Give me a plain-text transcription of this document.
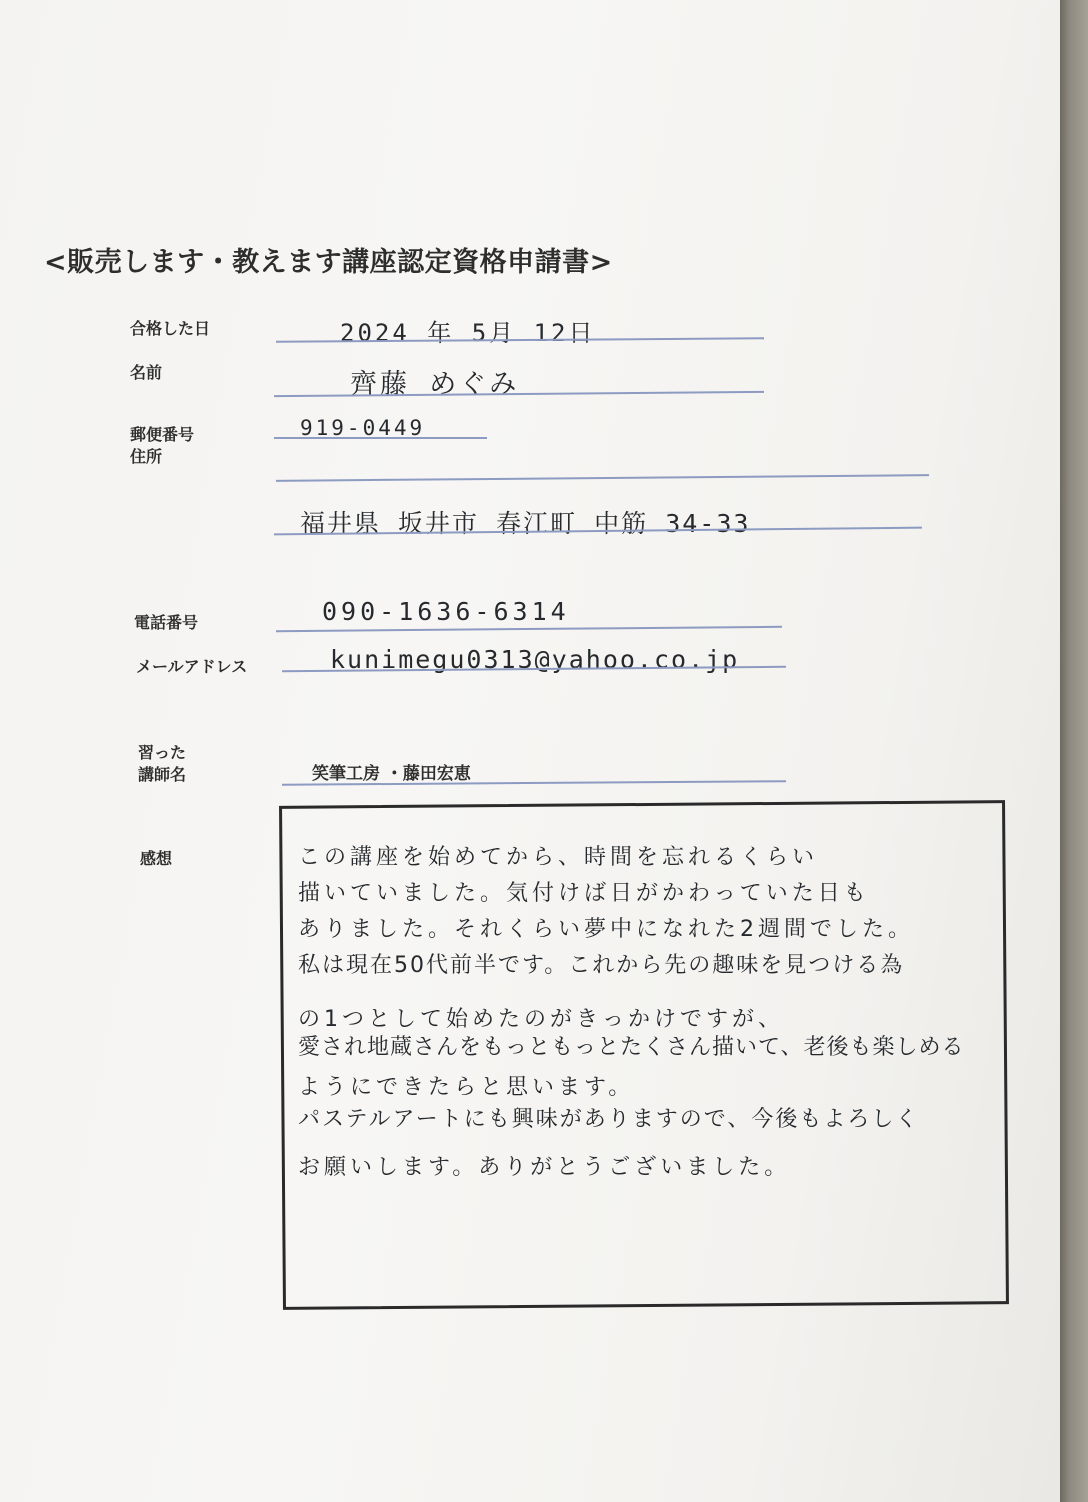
<販売します・教えます講座認定資格申請書>
合格した日	2024 年 5月 12日
名前	齊藤 めぐみ
郵便番号	919-0449
住所
福井県 坂井市 春江町 中筋 34-33
電話番号	090-1636-6314
メールアドレス	kunimegu0313@yahoo.co.jp
習った
講師名	笑筆工房 ・藤田宏恵
感想	この講座を始めてから、時間を忘れるくらい
描いていました。気付けば日がかわっていた日も
ありました。それくらい夢中になれた2週間でした。
私は現在50代前半です。これから先の趣味を見つける為
の1つとして始めたのがきっかけですが、
愛され地蔵さんをもっともっとたくさん描いて、老後も楽しめる
ようにできたらと思います。
パステルアートにも興味がありますので、今後もよろしく
お願いします。ありがとうございました。
